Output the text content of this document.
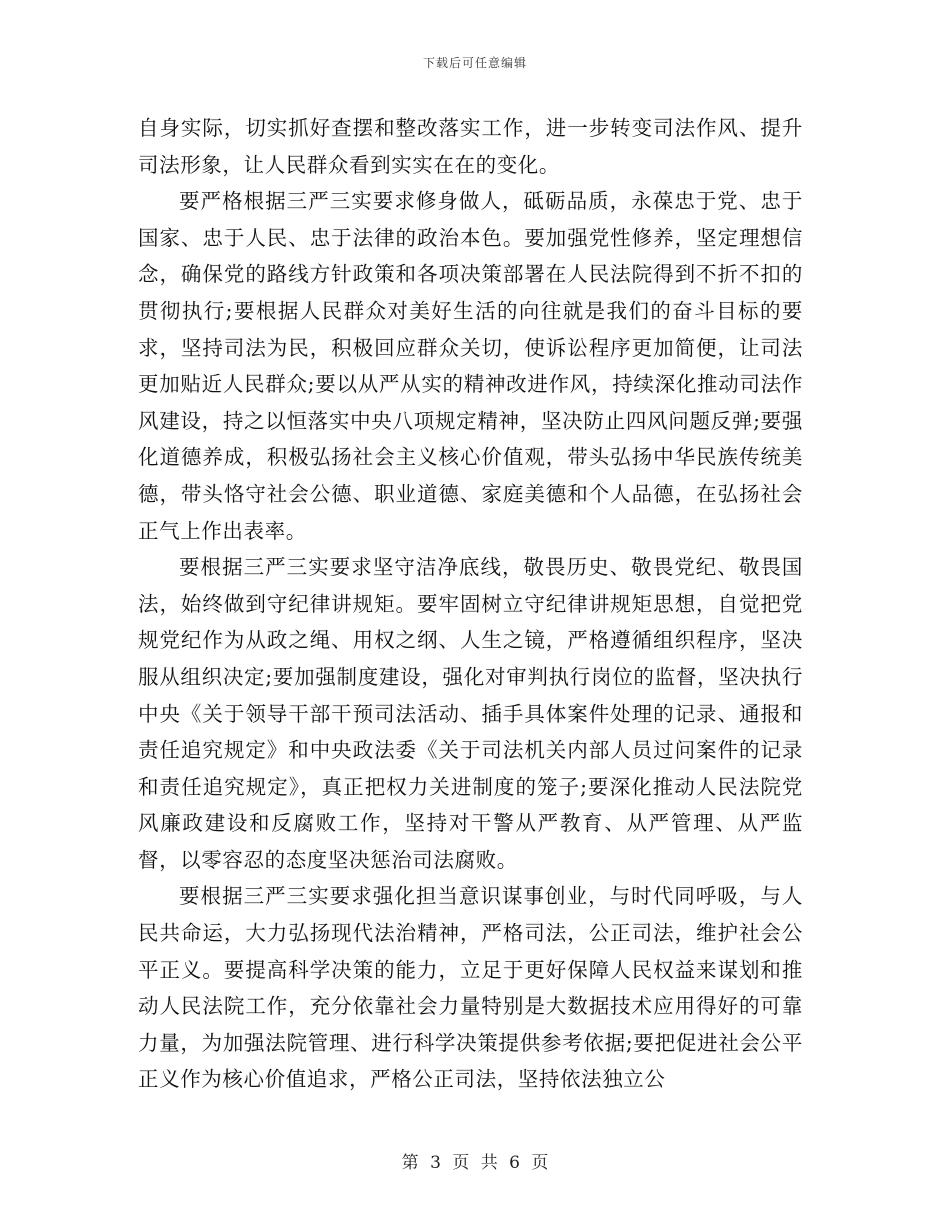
下载后可任意编辑

自身实际，切实抓好查摆和整改落实工作，进一步转变司法作风、提升司法形象，让人民群众看到实实在在的变化。

要严格根据三严三实要求修身做人，砥砺品质，永葆忠于党、忠于国家、忠于人民、忠于法律的政治本色。要加强党性修养，坚定理想信念，确保党的路线方针政策和各项决策部署在人民法院得到不折不扣的贯彻执行;要根据人民群众对美好生活的向往就是我们的奋斗目标的要求，坚持司法为民，积极回应群众关切，使诉讼程序更加简便，让司法更加贴近人民群众;要以从严从实的精神改进作风，持续深化推动司法作风建设，持之以恒落实中央八项规定精神，坚决防止四风问题反弹;要强化道德养成，积极弘扬社会主义核心价值观，带头弘扬中华民族传统美德，带头恪守社会公德、职业道德、家庭美德和个人品德，在弘扬社会正气上作出表率。

要根据三严三实要求坚守洁净底线，敬畏历史、敬畏党纪、敬畏国法，始终做到守纪律讲规矩。要牢固树立守纪律讲规矩思想，自觉把党规党纪作为从政之绳、用权之纲、人生之镜，严格遵循组织程序，坚决服从组织决定;要加强制度建设，强化对审判执行岗位的监督，坚决执行中央《关于领导干部干预司法活动、插手具体案件处理的记录、通报和责任追究规定》和中央政法委《关于司法机关内部人员过问案件的记录和责任追究规定》，真正把权力关进制度的笼子;要深化推动人民法院党风廉政建设和反腐败工作，坚持对干警从严教育、从严管理、从严监督，以零容忍的态度坚决惩治司法腐败。

要根据三严三实要求强化担当意识谋事创业，与时代同呼吸，与人民共命运，大力弘扬现代法治精神，严格司法，公正司法，维护社会公平正义。要提高科学决策的能力，立足于更好保障人民权益来谋划和推动人民法院工作，充分依靠社会力量特别是大数据技术应用得好的可靠力量，为加强法院管理、进行科学决策提供参考依据;要把促进社会公平正义作为核心价值追求，严格公正司法，坚持依法独立公

第 3 页 共 6 页
